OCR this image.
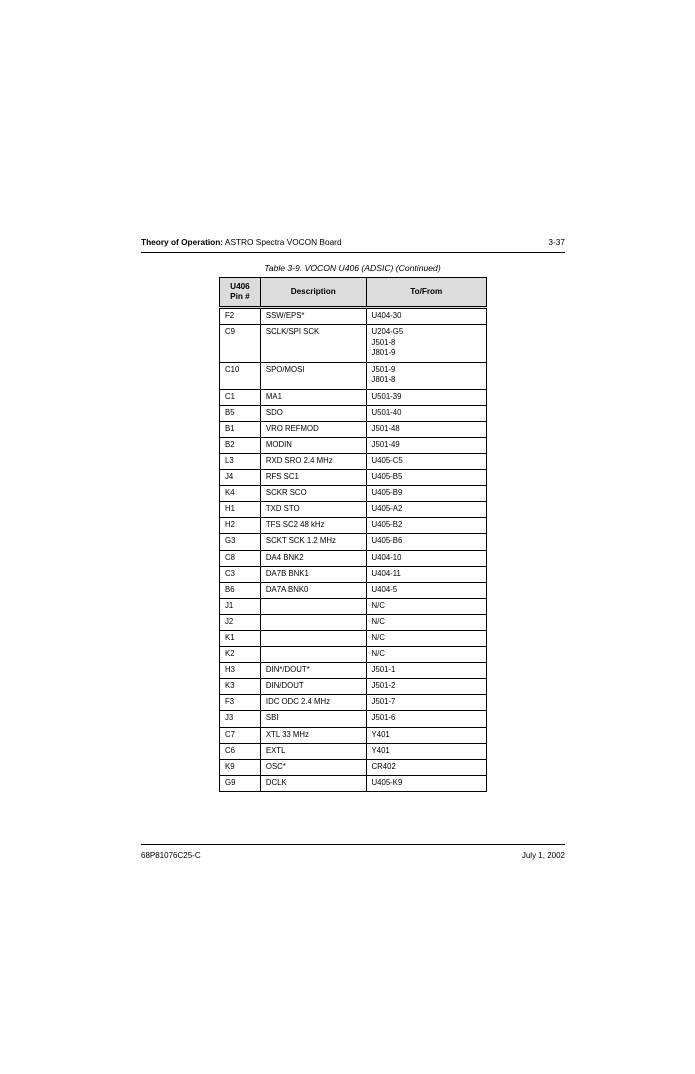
Theory of Operation: ASTRO Spectra VOCON Board	3-37
Table 3-9. VOCON U406 (ADSIC) (Continued)
U406
Pin #	Description	To/From
F2	SSW/EPS*	U404-30

C9	SCLK/SPI SCK	U204-G5
J501-8
J801-9

C10	SPO/MOSI	J501-9
J801-8

C1	MA1	U501-39

B5	SDO	U501-40

B1	VRO REFMOD	J501-48

B2	MODIN	J501-49

L3	RXD SRO 2.4 MHz	U405-C5

J4	RFS SC1	U405-B5

K4	SCKR SCO	U405-B9

H1	TXD STO	U405-A2

H2	TFS SC2 48 kHz	U405-B2

G3	SCKT SCK 1.2 MHz	U405-B6

C8	DA4 BNK2	U404-10

C3	DA7B BNK1	U404-11

B6	DA7A BNK0	U404-5

J1		N/C

J2		N/C

K1		N/C

K2		N/C

H3	DIN*/DOUT*	J501-1

K3	DIN/DOUT	J501-2

F3	IDC ODC 2.4 MHz	J501-7

J3	SBI	J501-6

C7	XTL 33 MHz	Y401

C6	EXTL	Y401

K9	OSC*	CR402

G9	DCLK	U405-K9
68P81076C25-C	July 1, 2002
